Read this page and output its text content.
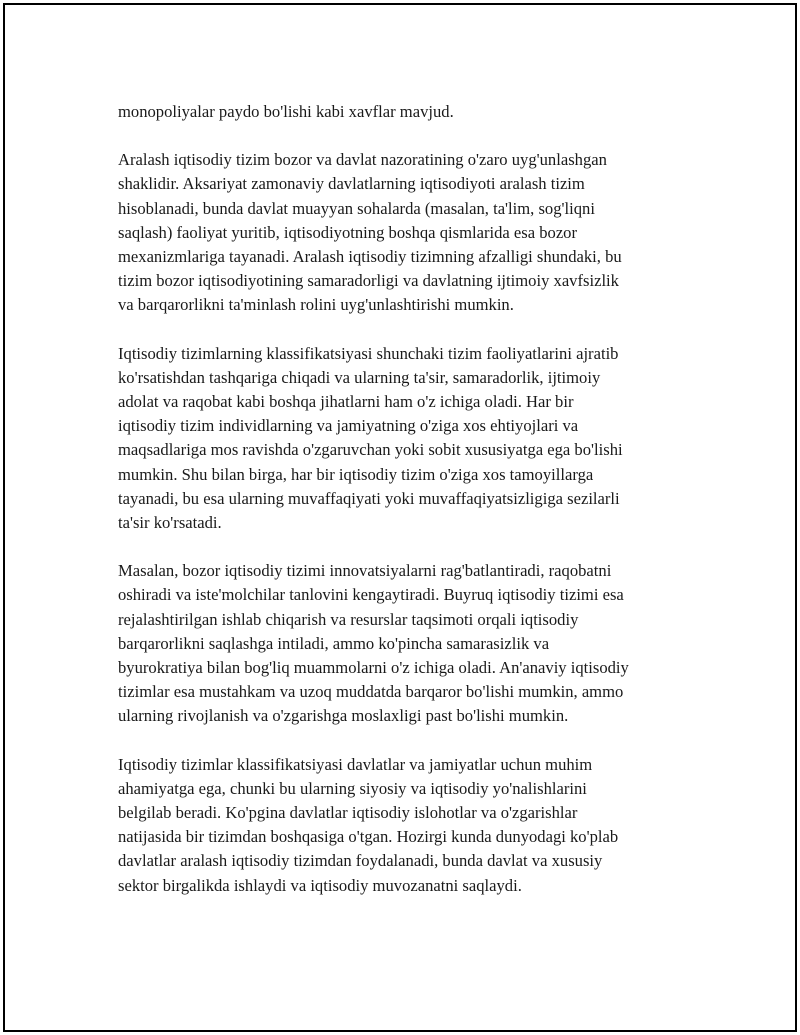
monopoliyalar paydo bo'lishi kabi xavflar mavjud.

Aralash iqtisodiy tizim bozor va davlat nazoratining o'zaro uyg'unlashgan
shaklidir. Aksariyat zamonaviy davlatlarning iqtisodiyoti aralash tizim
hisoblanadi, bunda davlat muayyan sohalarda (masalan, ta'lim, sog'liqni
saqlash) faoliyat yuritib, iqtisodiyotning boshqa qismlarida esa bozor
mexanizmlariga tayanadi. Aralash iqtisodiy tizimning afzalligi shundaki, bu
tizim bozor iqtisodiyotining samaradorligi va davlatning ijtimoiy xavfsizlik
va barqarorlikni ta'minlash rolini uyg'unlashtirishi mumkin.

Iqtisodiy tizimlarning klassifikatsiyasi shunchaki tizim faoliyatlarini ajratib
ko'rsatishdan tashqariga chiqadi va ularning ta'sir, samaradorlik, ijtimoiy
adolat va raqobat kabi boshqa jihatlarni ham o'z ichiga oladi. Har bir
iqtisodiy tizim individlarning va jamiyatning o'ziga xos ehtiyojlari va
maqsadlariga mos ravishda o'zgaruvchan yoki sobit xususiyatga ega bo'lishi
mumkin. Shu bilan birga, har bir iqtisodiy tizim o'ziga xos tamoyillarga
tayanadi, bu esa ularning muvaffaqiyati yoki muvaffaqiyatsizligiga sezilarli
ta'sir ko'rsatadi.

Masalan, bozor iqtisodiy tizimi innovatsiyalarni rag'batlantiradi, raqobatni
oshiradi va iste'molchilar tanlovini kengaytiradi. Buyruq iqtisodiy tizimi esa
rejalashtirilgan ishlab chiqarish va resurslar taqsimoti orqali iqtisodiy
barqarorlikni saqlashga intiladi, ammo ko'pincha samarasizlik va
byurokratiya bilan bog'liq muammolarni o'z ichiga oladi. An'anaviy iqtisodiy
tizimlar esa mustahkam va uzoq muddatda barqaror bo'lishi mumkin, ammo
ularning rivojlanish va o'zgarishga moslaxligi past bo'lishi mumkin.

Iqtisodiy tizimlar klassifikatsiyasi davlatlar va jamiyatlar uchun muhim
ahamiyatga ega, chunki bu ularning siyosiy va iqtisodiy yo'nalishlarini
belgilab beradi. Ko'pgina davlatlar iqtisodiy islohotlar va o'zgarishlar
natijasida bir tizimdan boshqasiga o'tgan. Hozirgi kunda dunyodagi ko'plab
davlatlar aralash iqtisodiy tizimdan foydalanadi, bunda davlat va xususiy
sektor birgalikda ishlaydi va iqtisodiy muvozanatni saqlaydi.
